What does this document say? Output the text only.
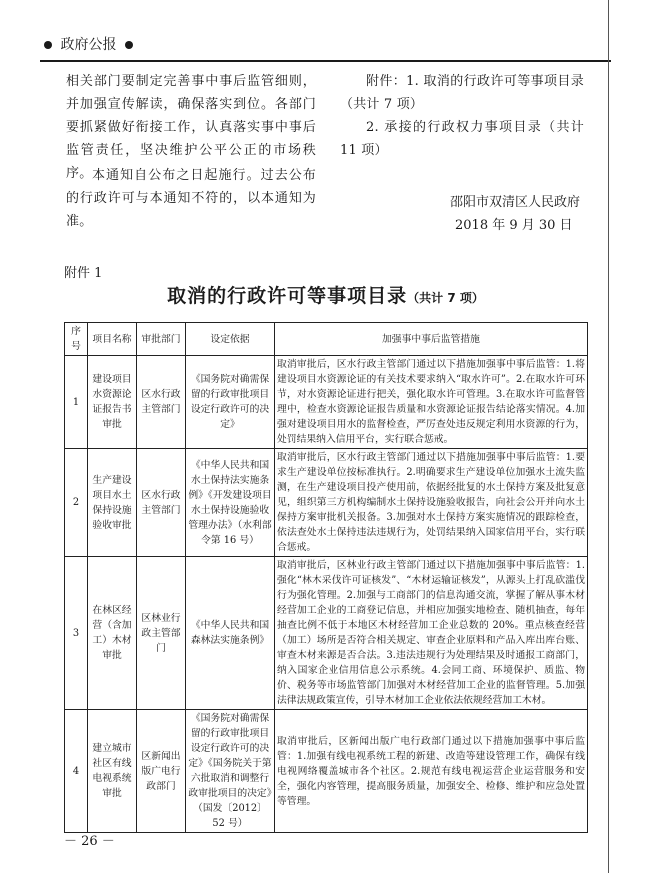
政府公报
相关部门要制定完善事中事后监管细则，并加强宣传解读，确保落实到位。各部门要抓紧做好衔接工作，认真落实事中事后监管责任，坚决维护公平公正的市场秩序。 本通知自公布之日起施行。过去公布的行政许可与本通知不符的，以本通知为准。
附件：1. 取消的行政许可等事项目录（共计 7 项）
2. 承接的行政权力事项目录（共计 11 项）
邵阳市双清区人民政府
2018 年 9 月 30 日
附件 1
取消的行政许可等事项目录（共计 7 项）
序号	项目名称	审批部门	设定依据	加强事中事后监管措施
1	建设项目水资源论证报告书审批	区水行政主管部门	《国务院对确需保留的行政审批项目设定行政许可的决定》	取消审批后，区水行政主管部门通过以下措施加强事中事后监管：1.将建设项目水资源论证的有关技术要求纳入“取水许可”。2.在取水许可环节，对水资源论证进行把关，强化取水许可管理。3.在取水许可监督管理中，检查水资源论证报告质量和水资源论证报告结论落实情况。4.加强对建设项目用水的监督检查，严厉查处违反规定利用水资源的行为，处罚结果纳入信用平台，实行联合惩戒。
2	生产建设项目水土保持设施验收审批	区水行政主管部门	《中华人民共和国水土保持法实施条例》《开发建设项目水土保持设施验收管理办法》（水利部令第 16 号）	取消审批后，区水行政主管部门通过以下措施加强事中事后监管：1.要求生产建设单位按标准执行。2.明确要求生产建设单位加强水土流失监测，在生产建设项目投产使用前，依据经批复的水土保持方案及批复意见，组织第三方机构编制水土保持设施验收报告，向社会公开并向水土保持方案审批机关报备。3.加强对水土保持方案实施情况的跟踪检查，依法查处水土保持违法违规行为，处罚结果纳入国家信用平台，实行联合惩戒。
3	在林区经营（含加工）木材审批	区林业行政主管部门	《中华人民共和国森林法实施条例》	取消审批后，区林业行政主管部门通过以下措施加强事中事后监管：1.强化“林木采伐许可证核发”、“木材运输证核发”，从源头上打乱砍滥伐行为强化管理。2.加强与工商部门的信息沟通交流，掌握了解从事木材经营加工企业的工商登记信息，并相应加强实地检查、随机抽查，每年抽查比例不低于本地区木材经营加工企业总数的 20%。重点核查经营（加工）场所是否符合相关规定、审查企业原料和产品入库出库台账、审查木材来源是否合法。3.违法违规行为处理结果及时通报工商部门，纳入国家企业信用信息公示系统。4.会同工商、环境保护、质监、物价、税务等市场监管部门加强对木材经营加工企业的监督管理。5.加强法律法规政策宣传，引导木材加工企业依法依规经营加工木材。
4	建立城市社区有线电视系统审批	区新闻出版广电行政部门	《国务院对确需保留的行政审批项目设定行政许可的决定》《国务院关于第六批取消和调整行政审批项目的决定》（国发〔2012〕52 号）	取消审批后，区新闻出版广电行政部门通过以下措施加强事中事后监管：1.加强有线电视系统工程的新建、改造等建设管理工作，确保有线电视网络覆盖城市各个社区。2.规范有线电视运营企业运营服务和安全，强化内容管理，提高服务质量，加强安全、检修、维护和应急处置等管理。
－ 26 －
